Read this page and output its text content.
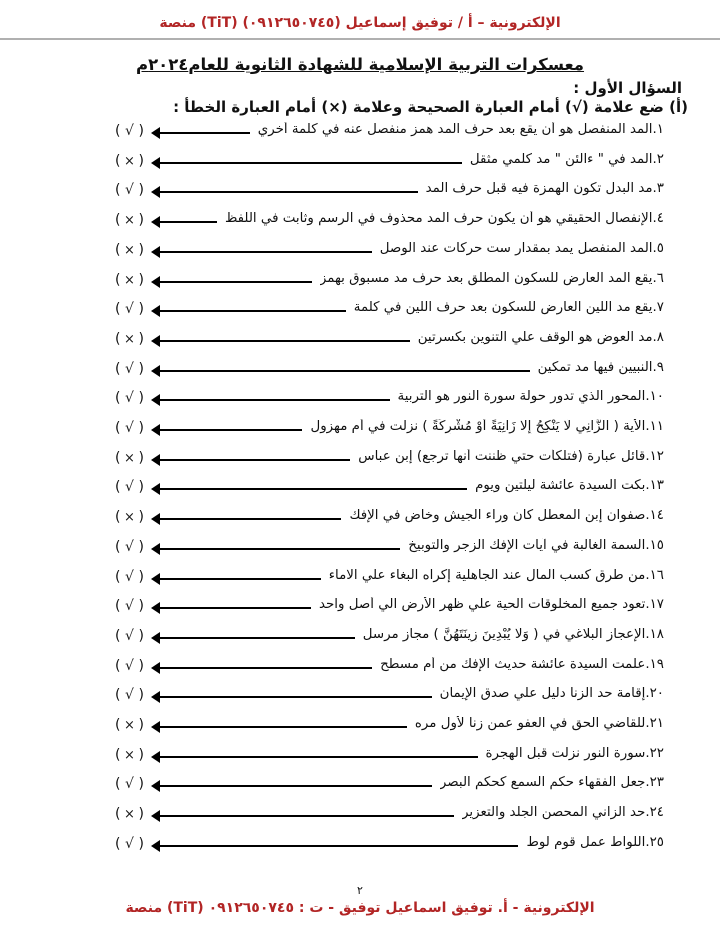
منصة (TiT) الإلكترونية – أ / توفيق إسماعيل (٠٩١٢٦٥٠٧٤٥)
معسكرات التربية الإسلامية للشهادة الثانوية للعام٢٠٢٤م
السؤال الأول :
(أ) ضع علامة (√) أمام العبارة الصحيحة وعلامة (×) أمام العبارة الخطأ :
١.المد المنفصل هو أن يقع بعد حرف المد همز منفصل عنه في كلمة أخري
( √ )
٢.المد في " ءالئن " مد كلمي مثقل
( × )
٣.مد البدل تكون الهمزة فيه قبل حرف المد
( √ )
٤.الإنفصال الحقيقي هو أن يكون حرف المد محذوف في الرسم وثابت في اللفظ
( × )
٥.المد المنفصل يمد بمقدار ست حركات عند الوصل
( × )
٦.يقع المد العارض للسكون المطلق بعد حرف مد مسبوق بهمز
( × )
٧.يقع مد اللين العارض للسكون بعد حرف اللين في كلمة
( √ )
٨.مد العوض هو الوقف علي التنوين بكسرتين
( × )
٩.النبيين فيها مد تمكين
( √ )
١٠.المحور الذي تدور حولة سورة النور هو التربية
( √ )
١١.الأية ( الزَّانِي لَا يَنْكِحُ إِلَّا زَانِيَةً أَوْ مُشْرِكَةً ) نزلت في أم مهزول
( √ )
١٢.قائل عبارة (فتلكأت حتي ظننت أنها ترجع) إبن عباس
( × )
١٣.بكت السيدة عائشة ليلتين ويوم
( √ )
١٤.صفوان إبن المعطل كان وراء الجيش وخاض في الإفك
( × )
١٥.السمة الغالبة في آيات الإفك الزجر والتوبيخ
( √ )
١٦.من طرق كسب المال عند الجاهلية إكراه البغاء علي الاماء
( √ )
١٧.تعود جميع المخلوقات الحية علي ظهر الأرض الي أصل واحد
( √ )
١٨.الإعجاز البلاغي في ( وَلَا يُبْدِينَ زِينَتَهُنَّ ) مجاز مرسل
( √ )
١٩.علمت السيدة عائشة حديث الإفك من أم مسطح
( √ )
٢٠.إقامة حد الزنا دليل علي صدق الإيمان
( √ )
٢١.للقاضي الحق في العفو عمن زنا لأول مره
( × )
٢٢.سورة النور نزلت قبل الهجرة
( × )
٢٣.جعل الفقهاء حكم السمع كحكم البصر
( √ )
٢٤.حد الزاني المحصن الجلد والتعزير
( × )
٢٥.اللواط عمل قوم لوط
( √ )
٢
منصة (TiT) الإلكترونية - أ. توفيق اسماعيل توفيق - ت : ٠٩١٢٦٥٠٧٤٥
